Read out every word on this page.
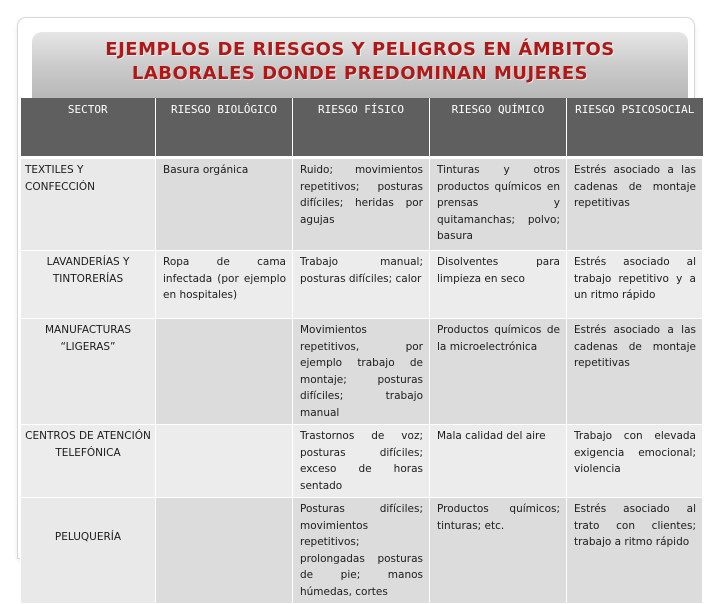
EJEMPLOS DE RIESGOS Y PELIGROS EN ÁMBITOS
LABORALES DONDE PREDOMINAN MUJERES
SECTOR	RIESGO BIOLÓGICO	RIESGO FÍSICO	RIESGO QUÍMICO	RIESGO PSICOSOCIAL
TEXTILES Y CONFECCIÓN	Basura orgánica	Ruido; movimientos repetitivos; posturas difíciles; heridas por agujas	Tinturas y otros productos químicos en prensas y quitamanchas; polvo; basura	Estrés asociado a las cadenas de montaje repetitivas
LAVANDERÍAS Y TINTORERÍAS	Ropa de cama infectada (por ejemplo en hospitales)	Trabajo manual; posturas difíciles; calor	Disolventes para limpieza en seco	Estrés asociado al trabajo repetitivo y a un ritmo rápido
MANUFACTURAS “LIGERAS”		Movimientos repetitivos, por ejemplo trabajo de montaje; posturas difíciles; trabajo manual	Productos químicos de la microelectrónica	Estrés asociado a las cadenas de montaje repetitivas
CENTROS DE ATENCIÓN TELEFÓNICA		Trastornos de voz; posturas difíciles; exceso de horas sentado	Mala calidad del aire	Trabajo con elevada exigencia emocional; violencia

PELUQUERÍA		Posturas difíciles; movimientos repetitivos; prolongadas posturas de pie; manos húmedas, cortes	Productos químicos; tinturas; etc.	Estrés asociado al trato con clientes; trabajo a ritmo rápido
